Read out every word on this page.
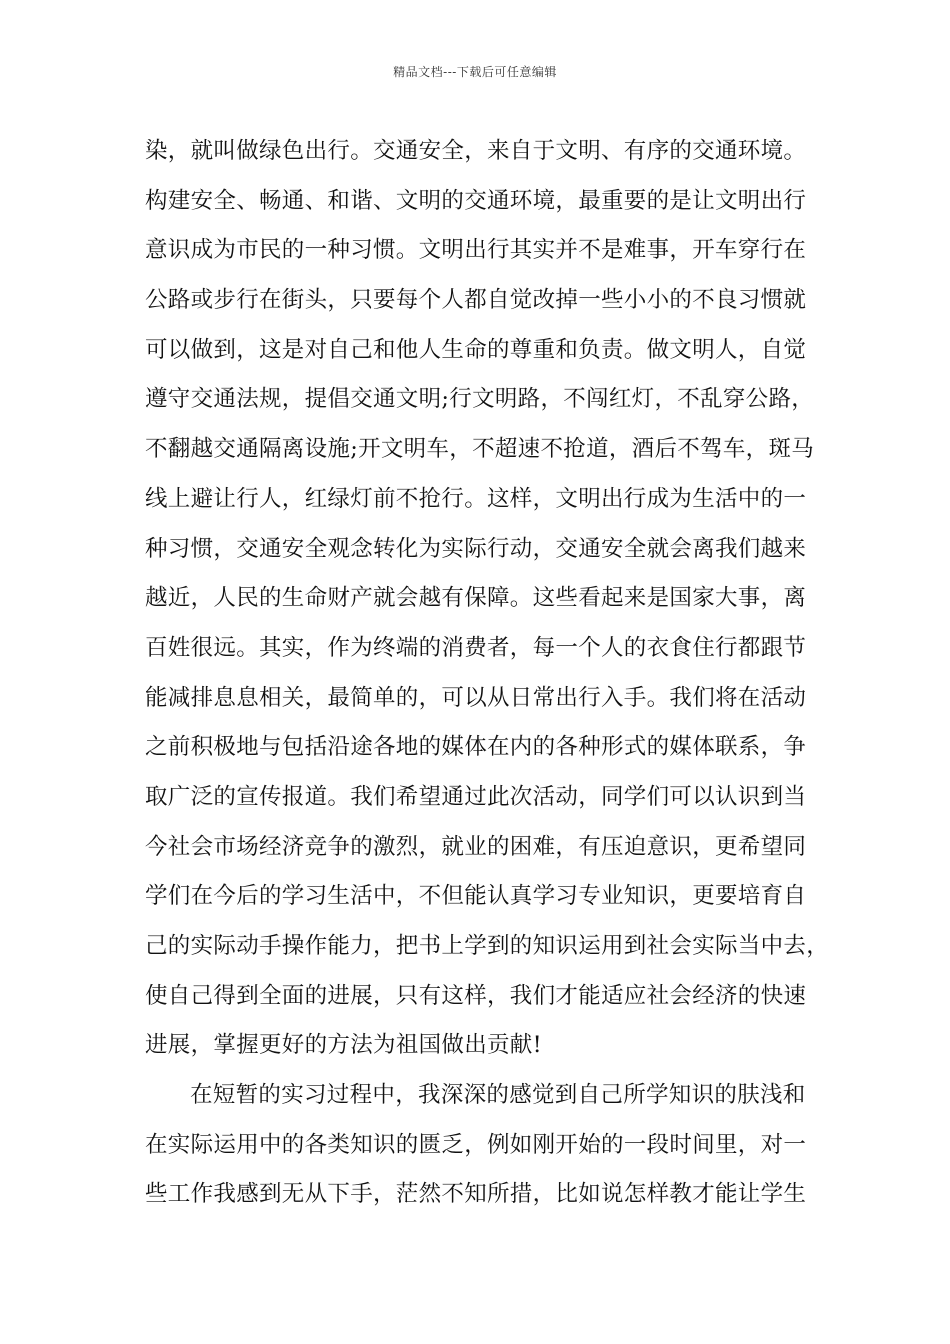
精品文档---下载后可任意编辑
染，就叫做绿色出行。交通安全，来自于文明、有序的交通环境。
构建安全、畅通、和谐、文明的交通环境，最重要的是让文明出行
意识成为市民的一种习惯。文明出行其实并不是难事，开车穿行在
公路或步行在街头，只要每个人都自觉改掉一些小小的不良习惯就
可以做到，这是对自己和他人生命的尊重和负责。做文明人，自觉
遵守交通法规，提倡交通文明;行文明路，不闯红灯，不乱穿公路，
不翻越交通隔离设施;开文明车，不超速不抢道，酒后不驾车，斑马
线上避让行人，红绿灯前不抢行。这样，文明出行成为生活中的一
种习惯，交通安全观念转化为实际行动，交通安全就会离我们越来
越近，人民的生命财产就会越有保障。这些看起来是国家大事，离
百姓很远。其实，作为终端的消费者，每一个人的衣食住行都跟节
能减排息息相关，最简单的，可以从日常出行入手。我们将在活动
之前积极地与包括沿途各地的媒体在内的各种形式的媒体联系，争
取广泛的宣传报道。我们希望通过此次活动，同学们可以认识到当
今社会市场经济竞争的激烈，就业的困难，有压迫意识，更希望同
学们在今后的学习生活中，不但能认真学习专业知识，更要培育自
己的实际动手操作能力，把书上学到的知识运用到社会实际当中去，
使自己得到全面的进展，只有这样，我们才能适应社会经济的快速
进展，掌握更好的方法为祖国做出贡献!
在短暂的实习过程中，我深深的感觉到自己所学知识的肤浅和
在实际运用中的各类知识的匮乏，例如刚开始的一段时间里，对一
些工作我感到无从下手，茫然不知所措，比如说怎样教才能让学生
